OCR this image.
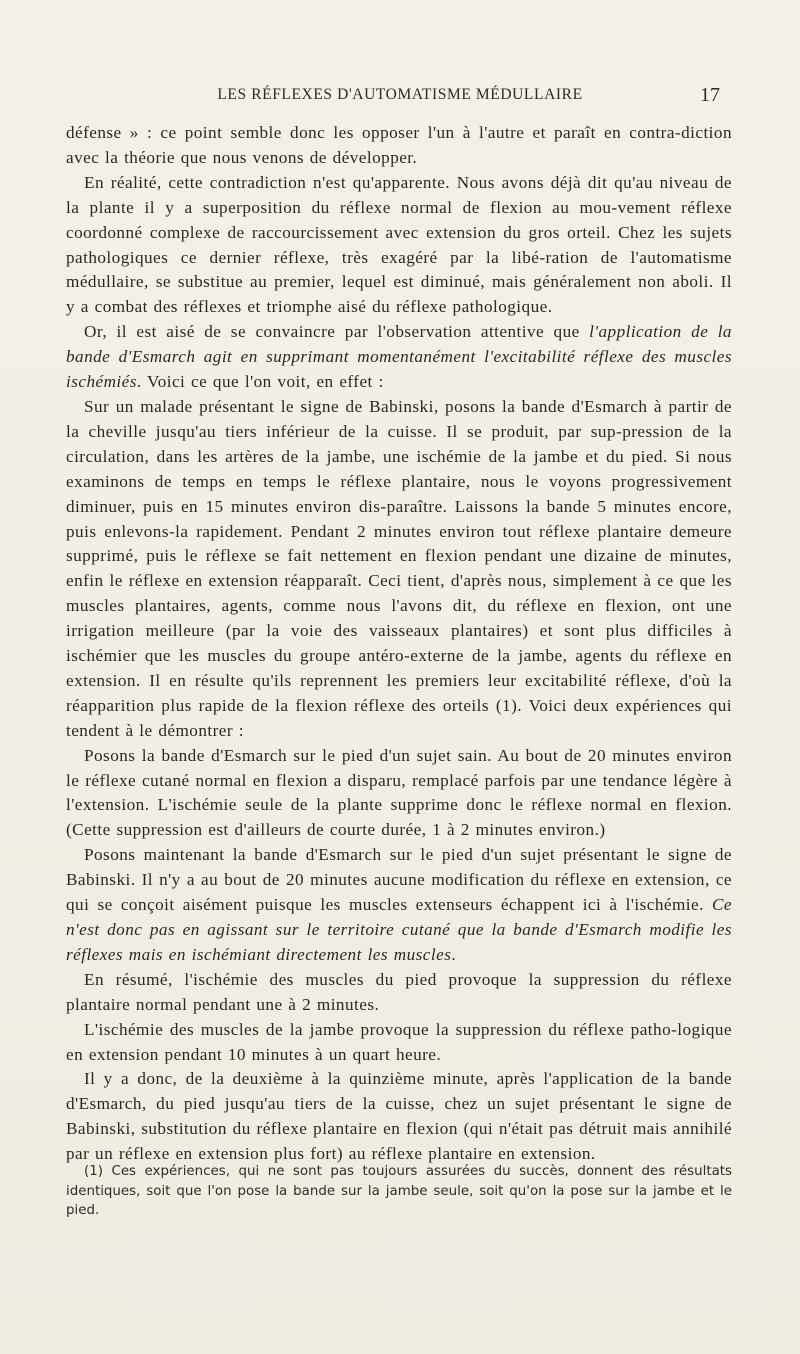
LES RÉFLEXES D'AUTOMATISME MÉDULLAIRE	17

défense » : ce point semble donc les opposer l'un à l'autre et paraît en contra-diction avec la théorie que nous venons de développer.

En réalité, cette contradiction n'est qu'apparente. Nous avons déjà dit qu'au niveau de la plante il y a superposition du réflexe normal de flexion au mou-vement réflexe coordonné complexe de raccourcissement avec extension du gros orteil. Chez les sujets pathologiques ce dernier réflexe, très exagéré par la libé-ration de l'automatisme médullaire, se substitue au premier, lequel est diminué, mais généralement non aboli. Il y a combat des réflexes et triomphe aisé du réflexe pathologique.

Or, il est aisé de se convaincre par l'observation attentive que l'application de la bande d'Esmarch agit en supprimant momentanément l'excitabilité réflexe des muscles ischémiés. Voici ce que l'on voit, en effet :

Sur un malade présentant le signe de Babinski, posons la bande d'Esmarch à partir de la cheville jusqu'au tiers inférieur de la cuisse. Il se produit, par sup-pression de la circulation, dans les artères de la jambe, une ischémie de la jambe et du pied. Si nous examinons de temps en temps le réflexe plantaire, nous le voyons progressivement diminuer, puis en 15 minutes environ dis-paraître. Laissons la bande 5 minutes encore, puis enlevons-la rapidement. Pendant 2 minutes environ tout réflexe plantaire demeure supprimé, puis le réflexe se fait nettement en flexion pendant une dizaine de minutes, enfin le réflexe en extension réapparaît. Ceci tient, d'après nous, simplement à ce que les muscles plantaires, agents, comme nous l'avons dit, du réflexe en flexion, ont une irrigation meilleure (par la voie des vaisseaux plantaires) et sont plus difficiles à ischémier que les muscles du groupe antéro-externe de la jambe, agents du réflexe en extension. Il en résulte qu'ils reprennent les premiers leur excitabilité réflexe, d'où la réapparition plus rapide de la flexion réflexe des orteils (1). Voici deux expériences qui tendent à le démontrer :

Posons la bande d'Esmarch sur le pied d'un sujet sain. Au bout de 20 minutes environ le réflexe cutané normal en flexion a disparu, remplacé parfois par une tendance légère à l'extension. L'ischémie seule de la plante supprime donc le réflexe normal en flexion. (Cette suppression est d'ailleurs de courte durée, 1 à 2 minutes environ.)

Posons maintenant la bande d'Esmarch sur le pied d'un sujet présentant le signe de Babinski. Il n'y a au bout de 20 minutes aucune modification du réflexe en extension, ce qui se conçoit aisément puisque les muscles extenseurs échappent ici à l'ischémie. Ce n'est donc pas en agissant sur le territoire cutané que la bande d'Esmarch modifie les réflexes mais en ischémiant directement les muscles.

En résumé, l'ischémie des muscles du pied provoque la suppression du réflexe plantaire normal pendant une à 2 minutes.

L'ischémie des muscles de la jambe provoque la suppression du réflexe patho-logique en extension pendant 10 minutes à un quart heure.

Il y a donc, de la deuxième à la quinzième minute, après l'application de la bande d'Esmarch, du pied jusqu'au tiers de la cuisse, chez un sujet présentant le signe de Babinski, substitution du réflexe plantaire en flexion (qui n'était pas détruit mais annihilé par un réflexe en extension plus fort) au réflexe plantaire en extension.

(1) Ces expériences, qui ne sont pas toujours assurées du succès, donnent des résultats identiques, soit que l'on pose la bande sur la jambe seule, soit qu'on la pose sur la jambe et le pied.
